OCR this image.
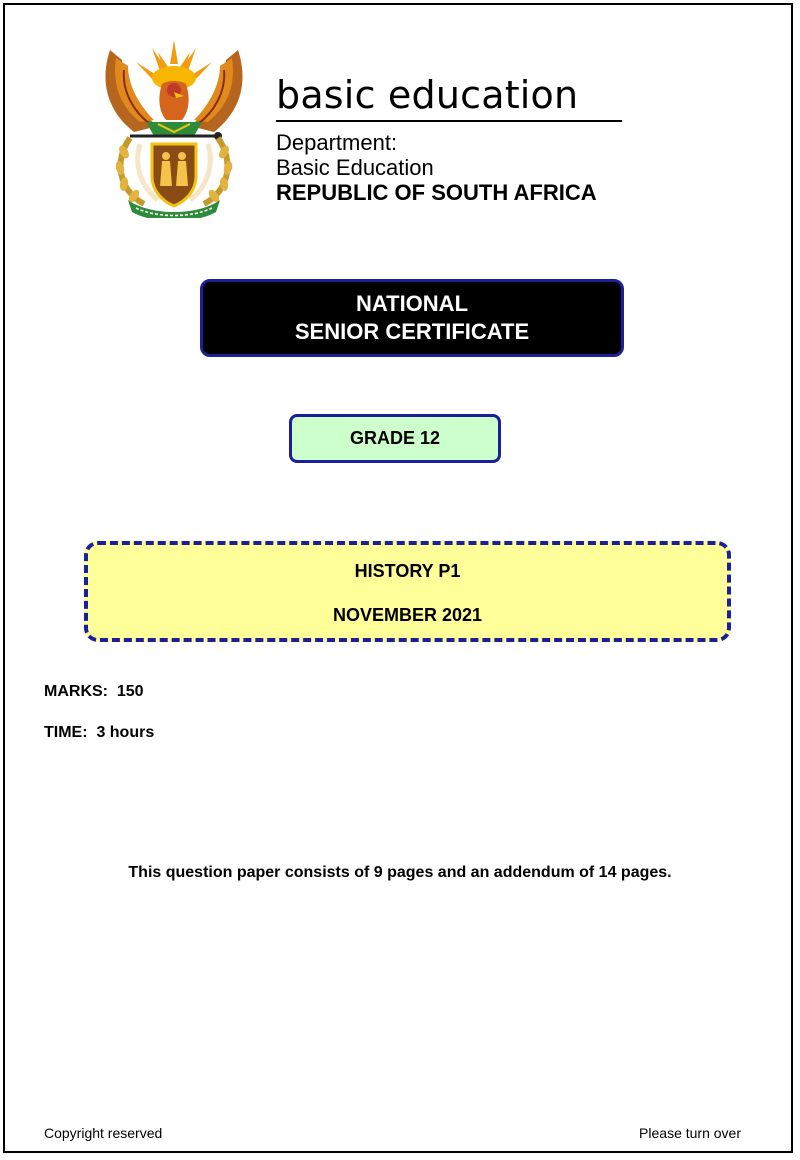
basic education
Department:
Basic Education
REPUBLIC OF SOUTH AFRICA
NATIONAL
SENIOR CERTIFICATE
GRADE 12
HISTORY P1
NOVEMBER 2021
MARKS:  150
TIME:  3 hours
This question paper consists of 9 pages and an addendum of 14 pages.
Copyright reserved	Please turn over
